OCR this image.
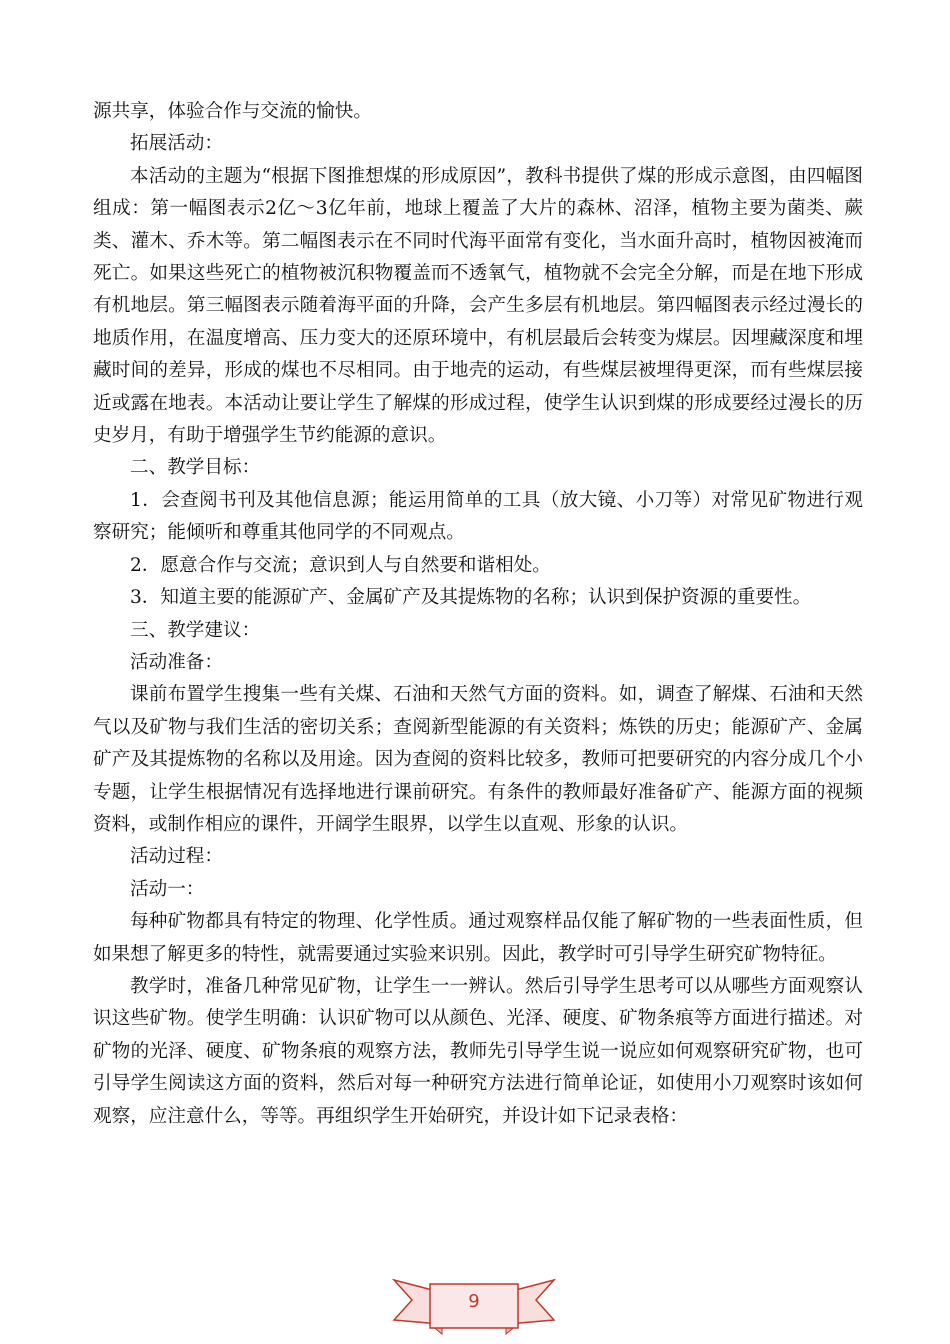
源共享，体验合作与交流的愉快。

拓展活动：

本活动的主题为“根据下图推想煤的形成原因”，教科书提供了煤的形成示意图，由四幅图组成：第一幅图表示2亿～3亿年前，地球上覆盖了大片的森林、沼泽，植物主要为菌类、蕨类、灌木、乔木等。第二幅图表示在不同时代海平面常有变化，当水面升高时，植物因被淹而死亡。如果这些死亡的植物被沉积物覆盖而不透氧气，植物就不会完全分解，而是在地下形成有机地层。第三幅图表示随着海平面的升降，会产生多层有机地层。第四幅图表示经过漫长的地质作用，在温度增高、压力变大的还原环境中，有机层最后会转变为煤层。因埋藏深度和埋藏时间的差异，形成的煤也不尽相同。由于地壳的运动，有些煤层被埋得更深，而有些煤层接近或露在地表。本活动让要让学生了解煤的形成过程，使学生认识到煤的形成要经过漫长的历史岁月，有助于增强学生节约能源的意识。

二、教学目标：

1．会查阅书刊及其他信息源；能运用简单的工具（放大镜、小刀等）对常见矿物进行观察研究；能倾听和尊重其他同学的不同观点。

2．愿意合作与交流；意识到人与自然要和谐相处。

3．知道主要的能源矿产、金属矿产及其提炼物的名称；认识到保护资源的重要性。

三、教学建议：

活动准备：

课前布置学生搜集一些有关煤、石油和天然气方面的资料。如，调查了解煤、石油和天然气以及矿物与我们生活的密切关系；查阅新型能源的有关资料；炼铁的历史；能源矿产、金属矿产及其提炼物的名称以及用途。因为查阅的资料比较多，教师可把要研究的内容分成几个小专题，让学生根据情况有选择地进行课前研究。有条件的教师最好准备矿产、能源方面的视频资料，或制作相应的课件，开阔学生眼界，以学生以直观、形象的认识。

活动过程：

活动一：

每种矿物都具有特定的物理、化学性质。通过观察样品仅能了解矿物的一些表面性质，但如果想了解更多的特性，就需要通过实验来识别。因此，教学时可引导学生研究矿物特征。

教学时，准备几种常见矿物，让学生一一辨认。然后引导学生思考可以从哪些方面观察认识这些矿物。使学生明确：认识矿物可以从颜色、光泽、硬度、矿物条痕等方面进行描述。对矿物的光泽、硬度、矿物条痕的观察方法，教师先引导学生说一说应如何观察研究矿物，也可引导学生阅读这方面的资料，然后对每一种研究方法进行简单论证，如使用小刀观察时该如何观察，应注意什么，等等。再组织学生开始研究，并设计如下记录表格：

9
